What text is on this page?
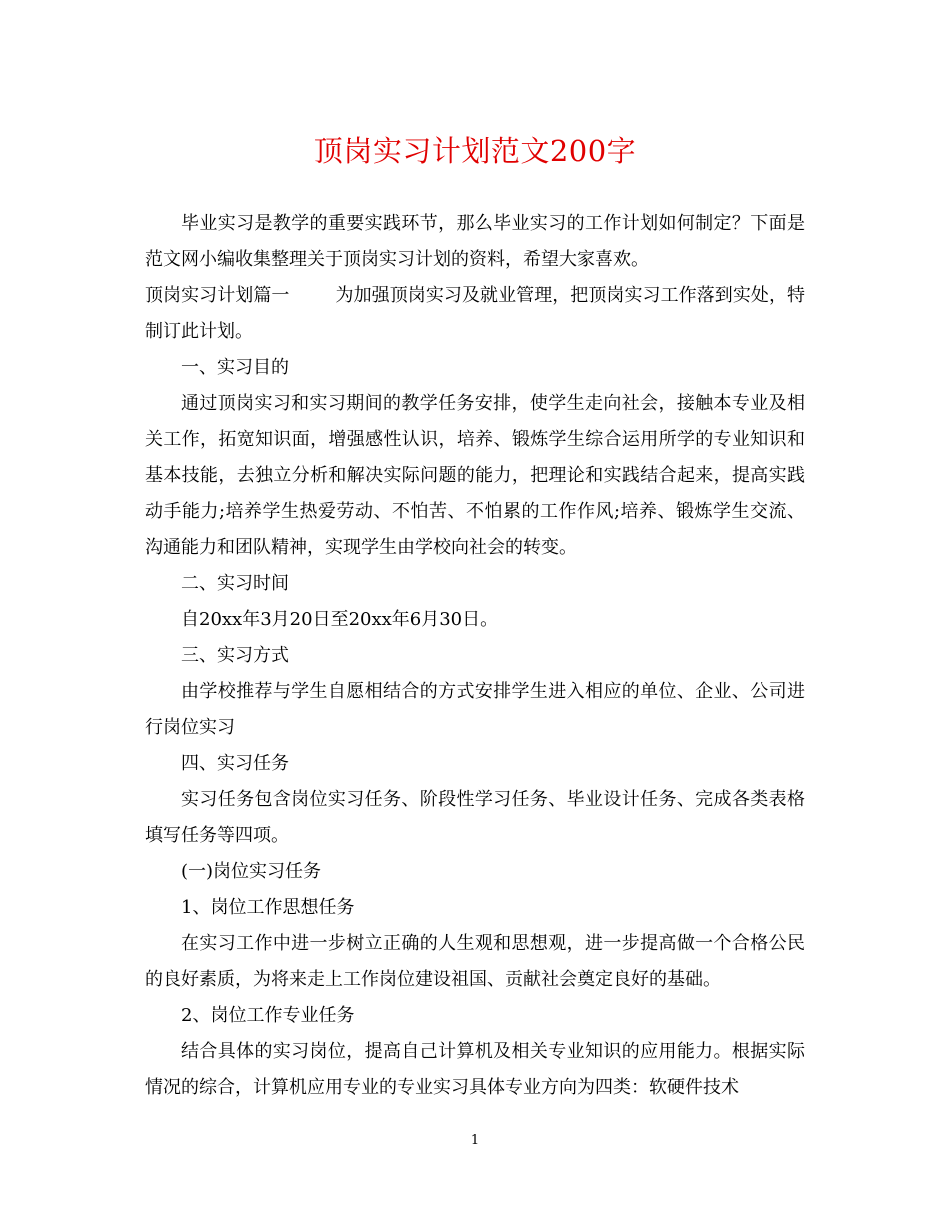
顶岗实习计划范文200字

毕业实习是教学的重要实践环节，那么毕业实习的工作计划如何制定？下面是范文网小编收集整理关于顶岗实习计划的资料，希望大家喜欢。

顶岗实习计划篇一	为加强顶岗实习及就业管理，把顶岗实习工作落到实处，特制订此计划。

一、实习目的

通过顶岗实习和实习期间的教学任务安排，使学生走向社会，接触本专业及相关工作，拓宽知识面，增强感性认识，培养、锻炼学生综合运用所学的专业知识和基本技能，去独立分析和解决实际问题的能力，把理论和实践结合起来，提高实践动手能力;培养学生热爱劳动、不怕苦、不怕累的工作作风;培养、锻炼学生交流、沟通能力和团队精神，实现学生由学校向社会的转变。

二、实习时间

自20xx年3月20日至20xx年6月30日。

三、实习方式

由学校推荐与学生自愿相结合的方式安排学生进入相应的单位、企业、公司进行岗位实习

四、实习任务

实习任务包含岗位实习任务、阶段性学习任务、毕业设计任务、完成各类表格填写任务等四项。

(一)岗位实习任务

1、岗位工作思想任务

在实习工作中进一步树立正确的人生观和思想观，进一步提高做一个合格公民的良好素质，为将来走上工作岗位建设祖国、贡献社会奠定良好的基础。

2、岗位工作专业任务

结合具体的实习岗位，提高自己计算机及相关专业知识的应用能力。根据实际情况的综合，计算机应用专业的专业实习具体专业方向为四类：软硬件技术

1
